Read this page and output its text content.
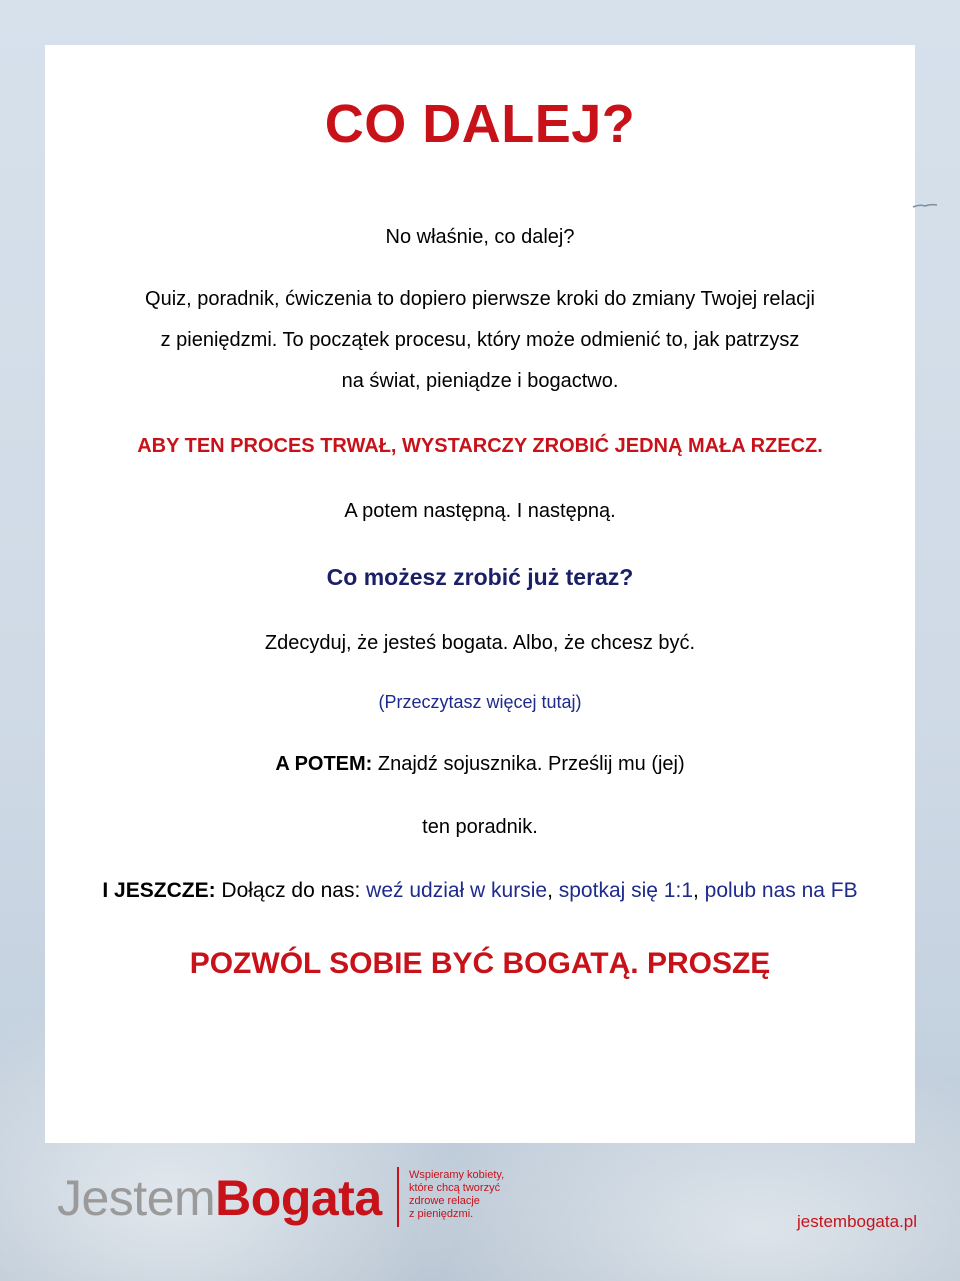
CO DALEJ?
No właśnie, co dalej?
Quiz, poradnik, ćwiczenia to dopiero pierwsze kroki do zmiany Twojej relacji
z pieniędzmi. To początek procesu, który może odmienić to, jak patrzysz
na świat, pieniądze i bogactwo.
ABY TEN PROCES TRWAŁ, WYSTARCZY ZROBIĆ JEDNĄ MAŁA RZECZ.
A potem następną. I następną.
Co możesz zrobić już teraz?
Zdecyduj, że jesteś bogata. Albo, że chcesz być.
(Przeczytasz więcej tutaj)
A POTEM: Znajdź sojusznika. Prześlij mu (jej)
ten poradnik.
I JESZCZE: Dołącz do nas: weź udział w kursie, spotkaj się 1:1, polub nas na FB
POZWÓL SOBIE BYĆ BOGATĄ. PROSZĘ
JestemBogata Wspieramy kobiety,
które chcą tworzyć
zdrowe relacje
z pieniędzmi.	jestembogata.pl
